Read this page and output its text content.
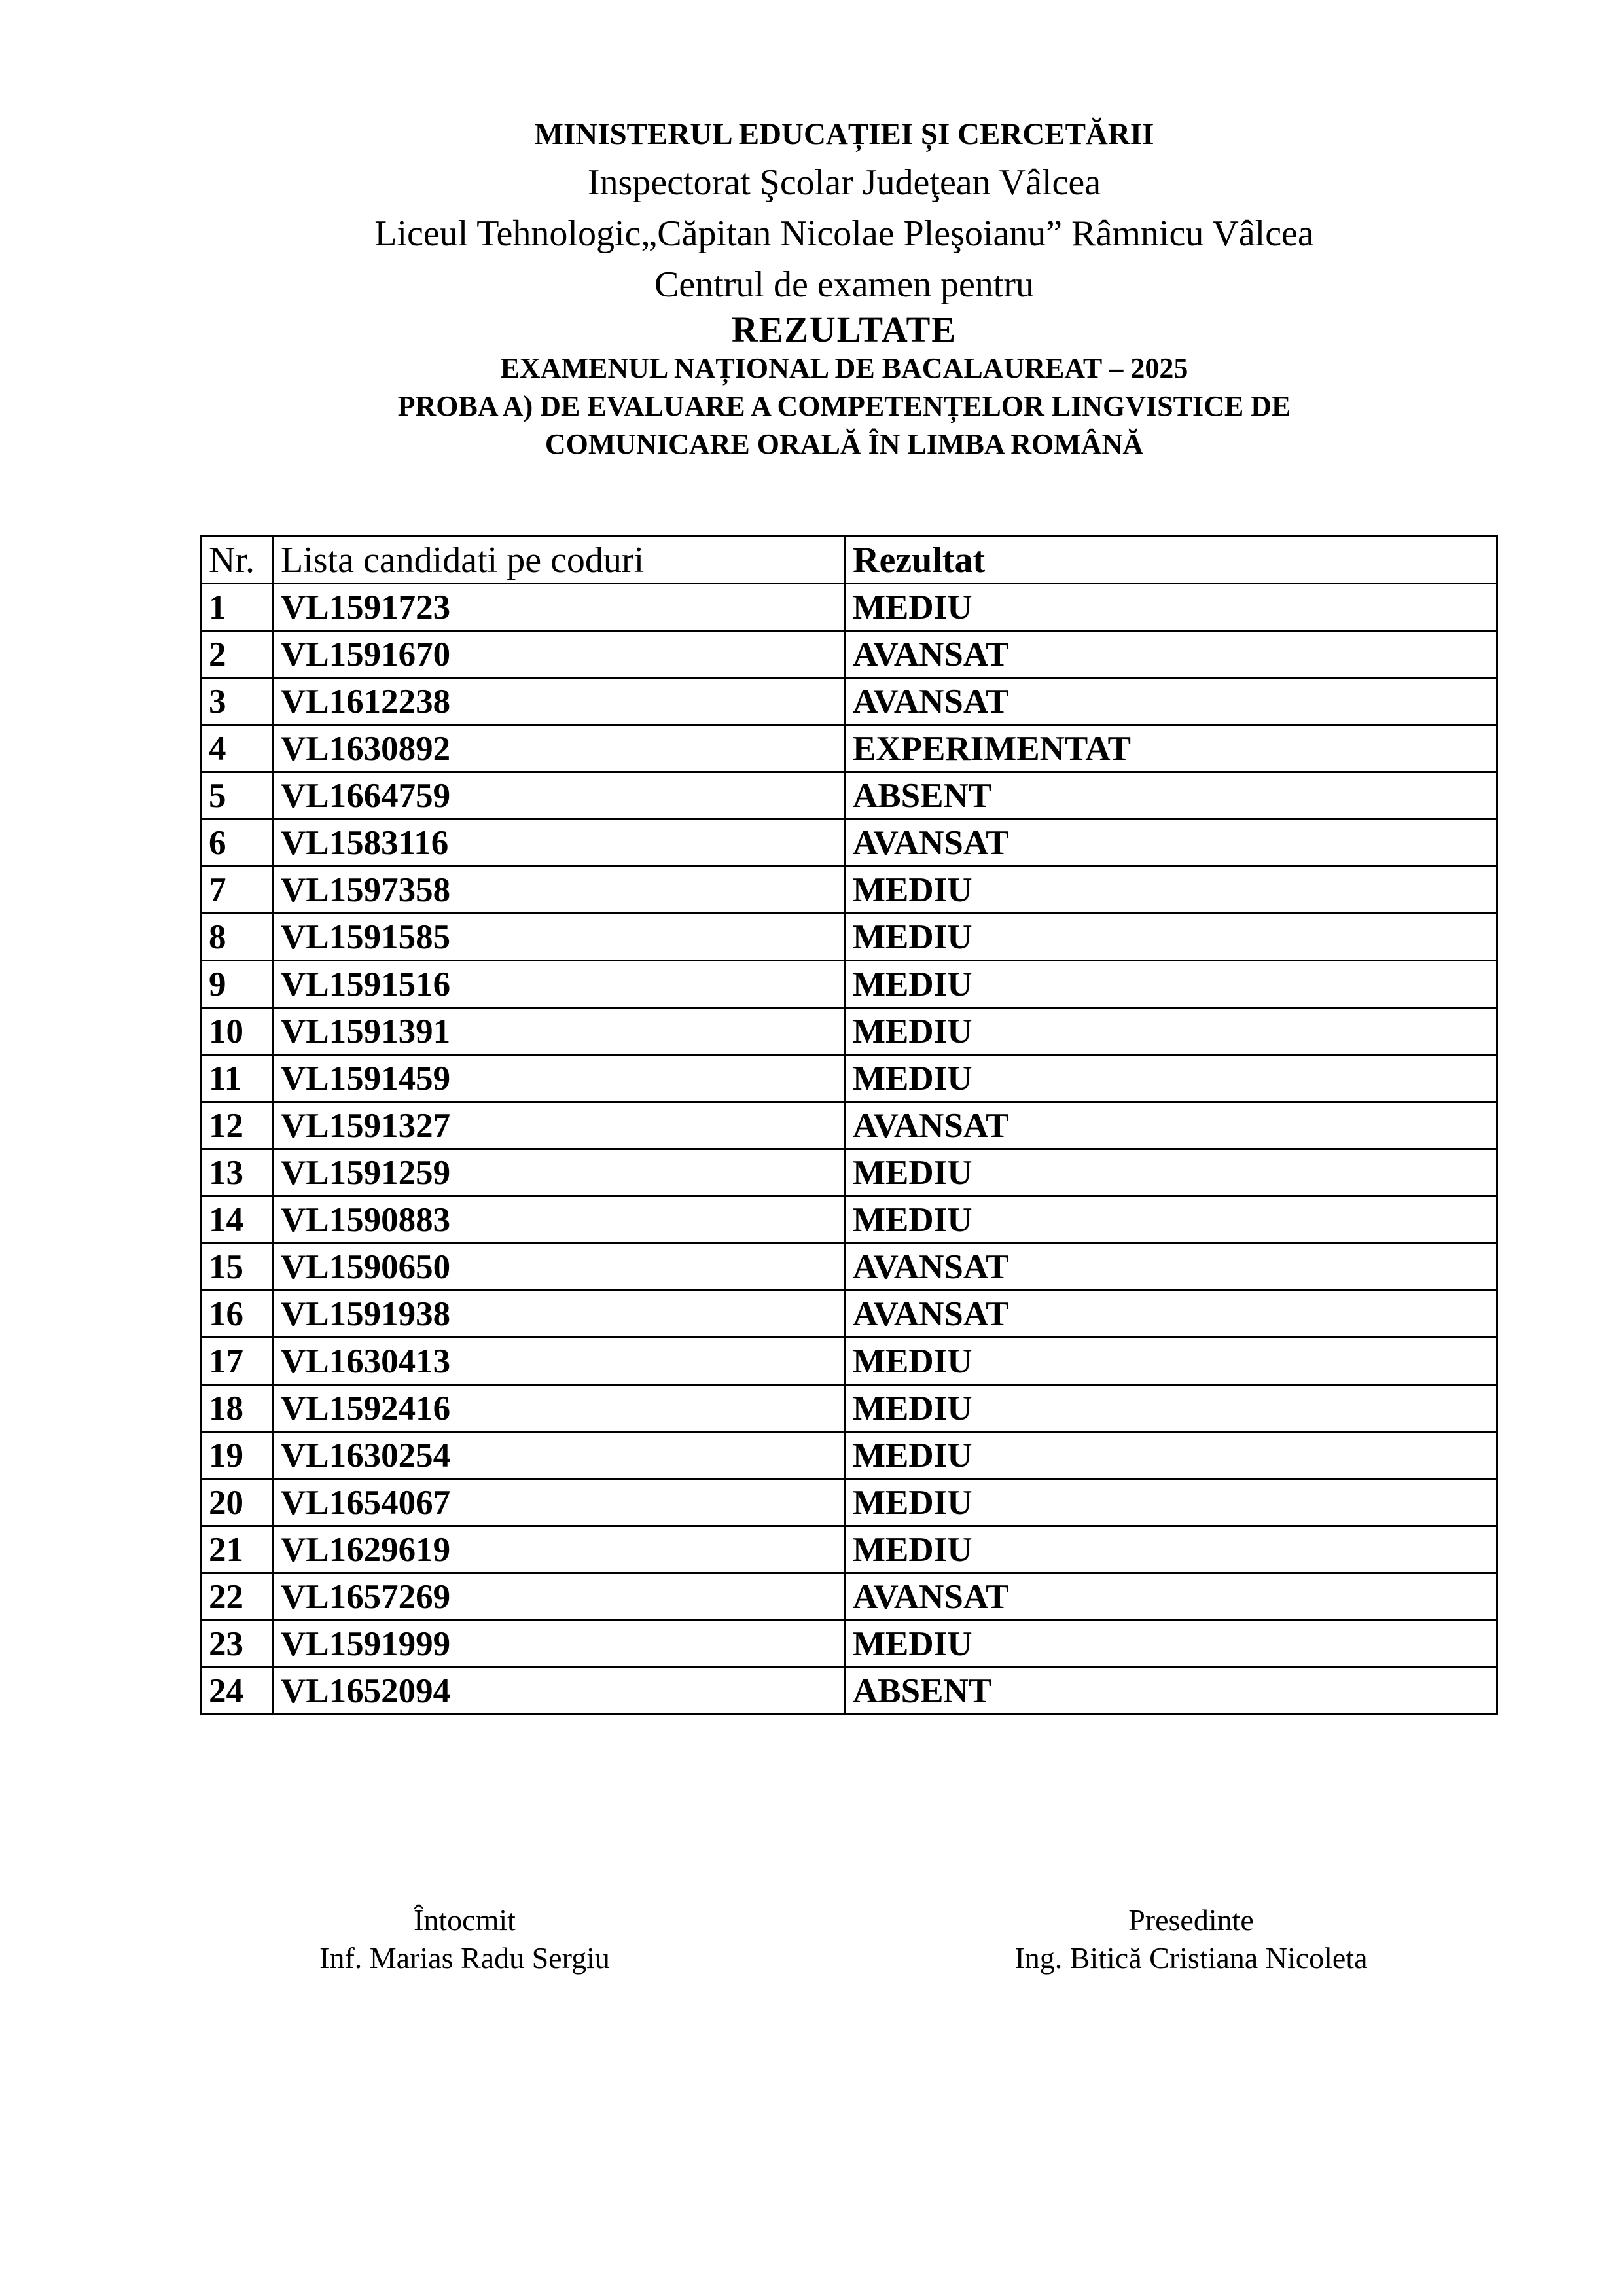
MINISTERUL EDUCAȚIEI ȘI CERCETĂRII
Inspectorat Şcolar Judeţean Vâlcea
Liceul Tehnologic„Căpitan Nicolae Pleşoianu” Râmnicu Vâlcea
Centrul de examen pentru
REZULTATE
EXAMENUL NAȚIONAL DE BACALAUREAT – 2025
PROBA A) DE EVALUARE A COMPETENȚELOR LINGVISTICE DE
COMUNICARE ORALĂ ÎN LIMBA ROMÂNĂ
Nr.	Lista candidati pe coduri	Rezultat
1	VL1591723	MEDIU
2	VL1591670	AVANSAT
3	VL1612238	AVANSAT
4	VL1630892	EXPERIMENTAT
5	VL1664759	ABSENT
6	VL1583116	AVANSAT
7	VL1597358	MEDIU
8	VL1591585	MEDIU
9	VL1591516	MEDIU
10	VL1591391	MEDIU
11	VL1591459	MEDIU
12	VL1591327	AVANSAT
13	VL1591259	MEDIU
14	VL1590883	MEDIU
15	VL1590650	AVANSAT
16	VL1591938	AVANSAT
17	VL1630413	MEDIU
18	VL1592416	MEDIU
19	VL1630254	MEDIU
20	VL1654067	MEDIU
21	VL1629619	MEDIU
22	VL1657269	AVANSAT
23	VL1591999	MEDIU
24	VL1652094	ABSENT
Întocmit
Inf. Marias Radu Sergiu
Presedinte
Ing. Bitică Cristiana Nicoleta
